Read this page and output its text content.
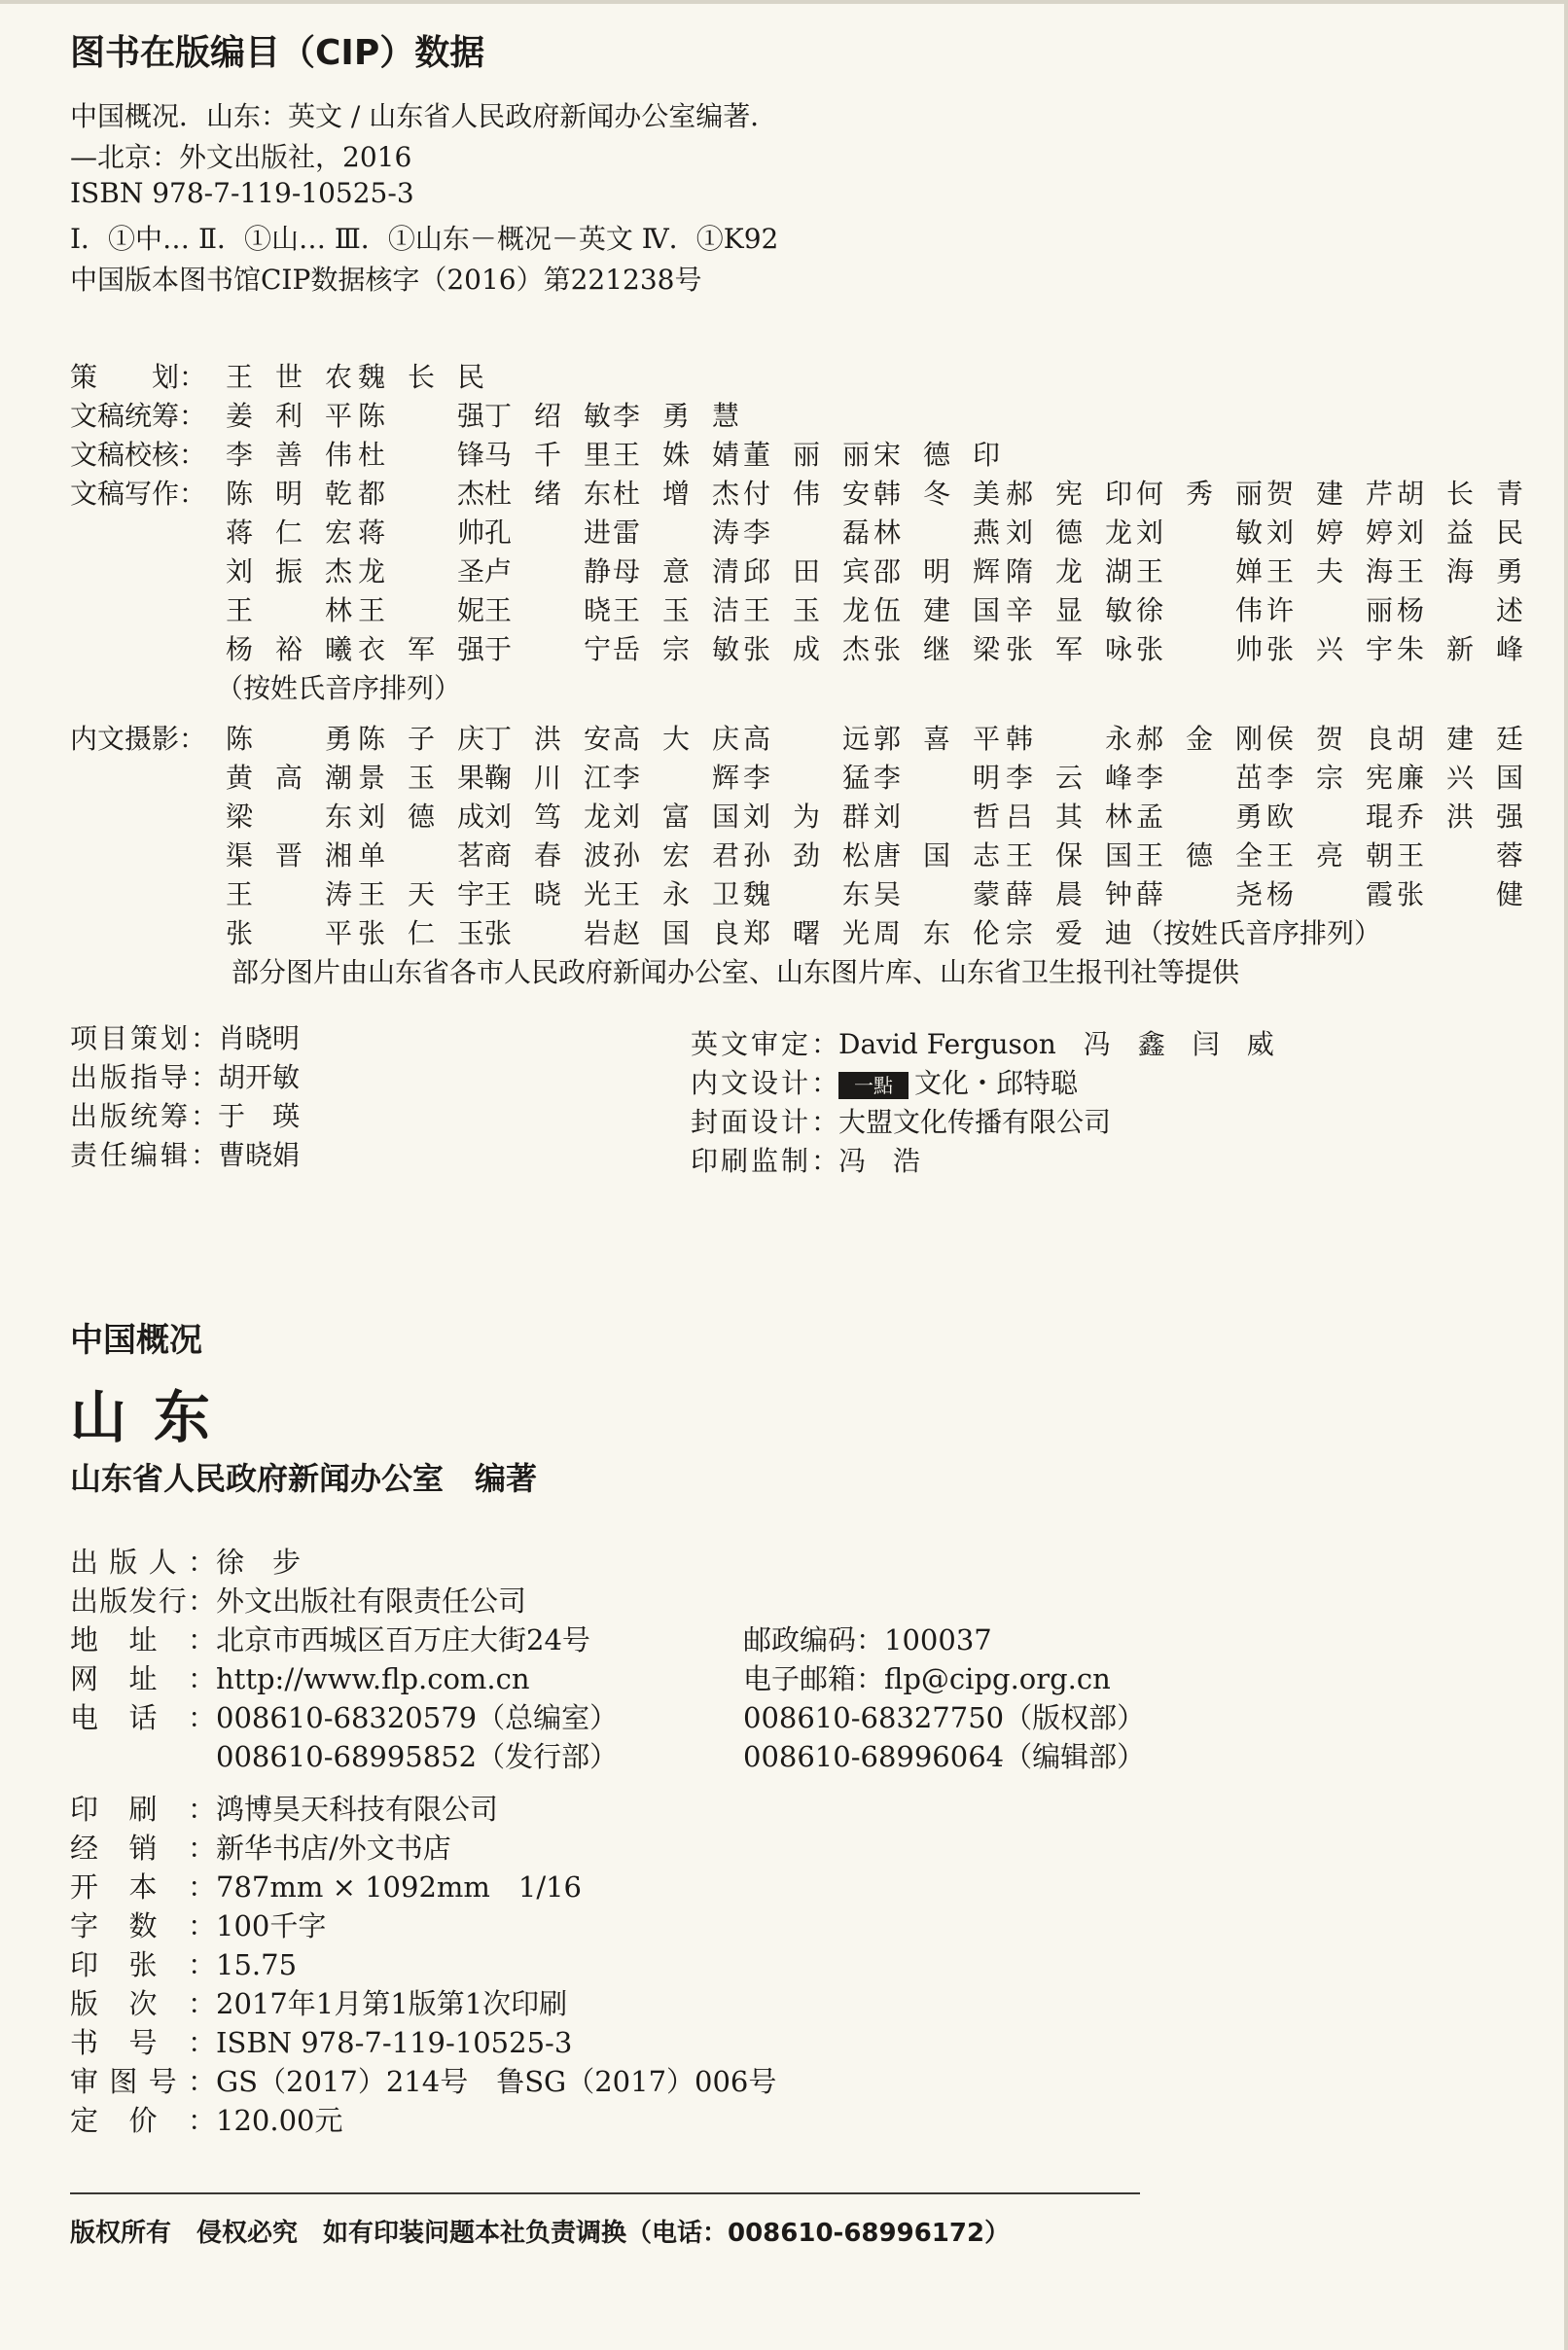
图书在版编目（CIP）数据
中国概况．山东：英文 / 山东省人民政府新闻办公室编著．
—北京：外文出版社，2016
ISBN 978-7-119-10525-3
Ⅰ．①中… Ⅱ．①山… Ⅲ．①山东－概况－英文 Ⅳ．①K92
中国版本图书馆CIP数据核字（2016）第221238号
策　　划： 王世农 魏长民
文稿统筹： 姜利平 陈　强 丁绍敏 李勇慧
文稿校核： 李善伟 杜　锋 马千里 王姝婧 董丽丽 宋德印
文稿写作： 陈明乾 都　杰 杜绪东 杜增杰 付伟安 韩冬美 郝宪印 何秀丽 贺建芹 胡长青
蒋仁宏 蒋　帅 孔　进 雷　涛 李　磊 林　燕 刘德龙 刘　敏 刘婷婷 刘益民
刘振杰 龙　圣 卢　静 母意清 邱田宾 邵明辉 隋龙湖 王　婵 王夫海 王海勇
王　林 王　妮 王　晓 王玉洁 王玉龙 伍建国 辛显敏 徐　伟 许　丽 杨　述
杨裕曦 衣军强 于　宁 岳宗敏 张成杰 张继梁 张军咏 张　帅 张兴宇 朱新峰
（按姓氏音序排列）
内文摄影： 陈　勇 陈子庆 丁洪安 高大庆 高　远 郭喜平 韩　永 郝金刚 侯贺良 胡建廷
黄高潮 景玉果 鞠川江 李　辉 李　猛 李　明 李云峰 李　茁 李宗宪 廉兴国
梁　东 刘德成 刘笃龙 刘富国 刘为群 刘　哲 吕其林 孟　勇 欧　琨 乔洪强
渠晋湘 单　茗 商春波 孙宏君 孙劲松 唐国志 王保国 王德全 王亮朝 王　蓉
王　涛 王天宇 王晓光 王永卫 魏　东 吴　蒙 薛晨钟 薛　尧 杨　霞 张　健
张　平 张仁玉 张　岩 赵国良 郑曙光 周东伦 宗爱迪 （按姓氏音序排列）
部分图片由山东省各市人民政府新闻办公室、山东图片库、山东省卫生报刊社等提供
项目策划：肖晓明
出版指导：胡开敏
出版统筹：于　瑛
责任编辑：曹晓娟
英文审定：David Ferguson　冯　鑫　闫　威
内文设计： 一點 文化・邱特聪
封面设计：大盟文化传播有限公司
印刷监制：冯　浩
中国概况
山东
山东省人民政府新闻办公室　编著
出版人：徐　步
出版发行：外文出版社有限责任公司
地址：北京市西城区百万庄大街24号	邮政编码：100037
网址：http://www.flp.com.cn	电子邮箱：flp@cipg.org.cn
电话：008610-68320579（总编室）	008610-68327750（版权部）
008610-68995852（发行部）	008610-68996064（编辑部）
印刷：鸿博昊天科技有限公司
经销：新华书店/外文书店
开本：787mm × 1092mm　1/16
字数：100千字
印张：15.75
版次：2017年1月第1版第1次印刷
书号：ISBN 978-7-119-10525-3
审图号：GS（2017）214号　鲁SG（2017）006号
定价：120.00元
版权所有　侵权必究　如有印装问题本社负责调换（电话：008610-68996172）
